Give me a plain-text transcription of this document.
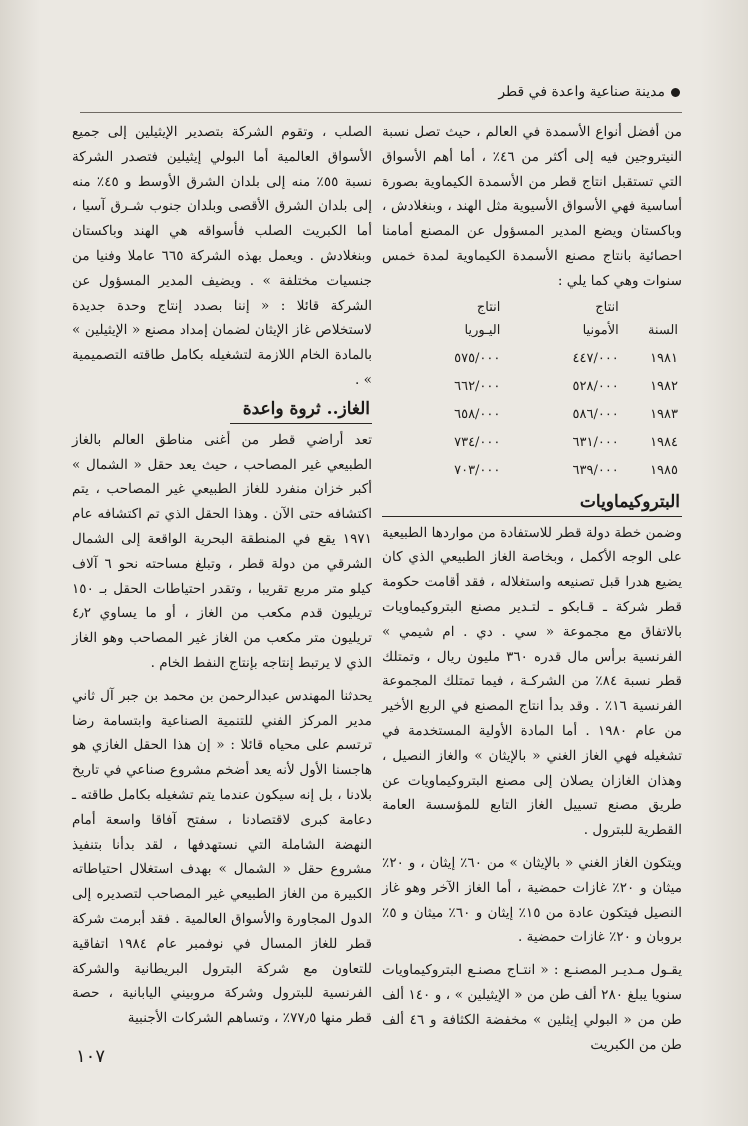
مدينة صناعية واعدة في قطر

من أفضل أنواع الأسمدة في العالم ، حيث تصل نسبة النيتروجين فيه إلى أكثر من ٤٦٪ ، أما أهم الأسواق التي تستقبل انتاج قطر من الأسمدة الكيماوية بصورة أساسية فهي الأسواق الأسيوية مثل الهند ، وبنغلادش ، وباكستان ويضع المدير المسؤول عن المصنع أمامنا احصائية بانتاج مصنع الأسمدة الكيماوية لمدة خمس سنوات وهي كما يلي :

انتاج
انتاج
السنة
الأمونيا
اليـوريا
١٩٨١
٤٤٧/٠٠٠
٥٧٥/٠٠٠
١٩٨٢
٥٢٨/٠٠٠
٦٦٢/٠٠٠
١٩٨٣
٥٨٦/٠٠٠
٦٥٨/٠٠٠
١٩٨٤
٦٣١/٠٠٠
٧٣٤/٠٠٠
١٩٨٥
٦٣٩/٠٠٠
٧٠٣/٠٠٠
البتروكيماويات

وضمن خطة دولة قطر للاستفادة من مواردها الطبيعية على الوجه الأكمل ، وبخاصة الغاز الطبيعي الذي كان يضيع هدرا قبل تصنيعه واستغلاله ، فقد أقامت حكومة قطر شركة ـ قـابكو ـ لتـدير مصنع البتروكيماويات بالاتفاق مع مجموعة « سي . دي . ام شيمي » الفرنسية برأس مال قدره ٣٦٠ مليون ريال ، وتمتلك قطر نسبة ٨٤٪ من الشركـة ، فيما تمتلك المجموعة الفرنسية ١٦٪ . وقد بدأ انتاج المصنع في الربع الأخير من عام ١٩٨٠ . أما المادة الأولية المستخدمة في تشغيله فهي الغاز الغني « بالإيثان » والغاز النصيل ، وهذان الغازان يصلان إلى مصنع البتروكيماويات عن طريق مصنع تسييل الغاز التابع للمؤسسة العامة القطرية للبترول .

ويتكون الغاز الغني « بالإيثان » من ٦٠٪ إيثان ، و ٢٠٪ ميثان و ٢٠٪ غازات حمضية ، أما الغاز الآخر وهو غاز النصيل فيتكون عادة من ١٥٪ إيثان و ٦٠٪ ميثان و ٥٪ بروبان و ٢٠٪ غازات حمضية .

يقـول مـديـر المصنـع : « انتـاج مصنـع البتروكيماويات سنويا يبلغ ٢٨٠ ألف طن من « الإيثيلين » ، و ١٤٠ ألف طن من « البولي إيثلين » مخفضة الكثافة و ٤٦ ألف طن من الكبريت

الصلب ، وتقوم الشركة بتصدير الإيثيلين إلى جميع الأسواق العالمية أما البولي إيثيلين فتصدر الشركة نسبة ٥٥٪ منه إلى بلدان الشرق الأوسط و ٤٥٪ منه إلى بلدان الشرق الأقصى وبلدان جنوب شـرق آسيا ، أما الكبريت الصلب فأسواقه هي الهند وباكستان وبنغلادش . ويعمل بهذه الشركة ٦٦٥ عاملا وفنيا من جنسيات مختلفة » . ويضيف المدير المسؤول عن الشركة قائلا : « إننا بصدد إنتاج وحدة جديدة لاستخلاص غاز الإيثان لضمان إمداد مصنع « الإيثيلين » بالمادة الخام اللازمة لتشغيله بكامل طاقته التصميمية » .

الغاز.. ثروة واعدة

تعد أراضي قطر من أغنى مناطق العالم بالغاز الطبيعي غير المصاحب ، حيث يعد حقل « الشمال » أكبر خزان منفرد للغاز الطبيعي غير المصاحب ، يتم اكتشافه حتى الآن . وهذا الحقل الذي تم اكتشافه عام ١٩٧١ يقع في المنطقة البحرية الواقعة إلى الشمال الشرقي من دولة قطر ، وتبلغ مساحته نحو ٦ آلاف كيلو متر مربع تقريبا ، وتقدر احتياطات الحقل بـ ١٥٠ تريليون قدم مكعب من الغاز ، أو ما يساوي ٤٫٢ تريليون متر مكعب من الغاز غير المصاحب وهو الغاز الذي لا يرتبط إنتاجه بإنتاج النفط الخام .

يحدثنا المهندس عبدالرحمن بن محمد بن جبر آل ثاني مدير المركز الفني للتنمية الصناعية وابتسامة رضا ترتسم على محياه قائلا : « إن هذا الحقل الغازي هو هاجسنا الأول لأنه يعد أضخم مشروع صناعي في تاريخ بلادنا ، بل إنه سيكون عندما يتم تشغيله بكامل طاقته ـ دعامة كبرى لاقتصادنا ، سفتح آفاقا واسعة أمام النهضة الشاملة التي نستهدفها ، لقد بدأنا بتنفيذ مشروع حقل « الشمال » بهدف استغلال احتياطاته الكبيرة من الغاز الطبيعي غير المصاحب لتصديره إلى الدول المجاورة والأسواق العالمية . فقد أبرمت شركة قطر للغاز المسال في نوفمبر عام ١٩٨٤ اتفاقية للتعاون مع شركة البترول البريطانية والشركة الفرنسية للبترول وشركة مروبيني اليابانية ، حصة قطر منها ٧٧٫٥٪ ، وتساهم الشركات الأجنبية

١٠٧
